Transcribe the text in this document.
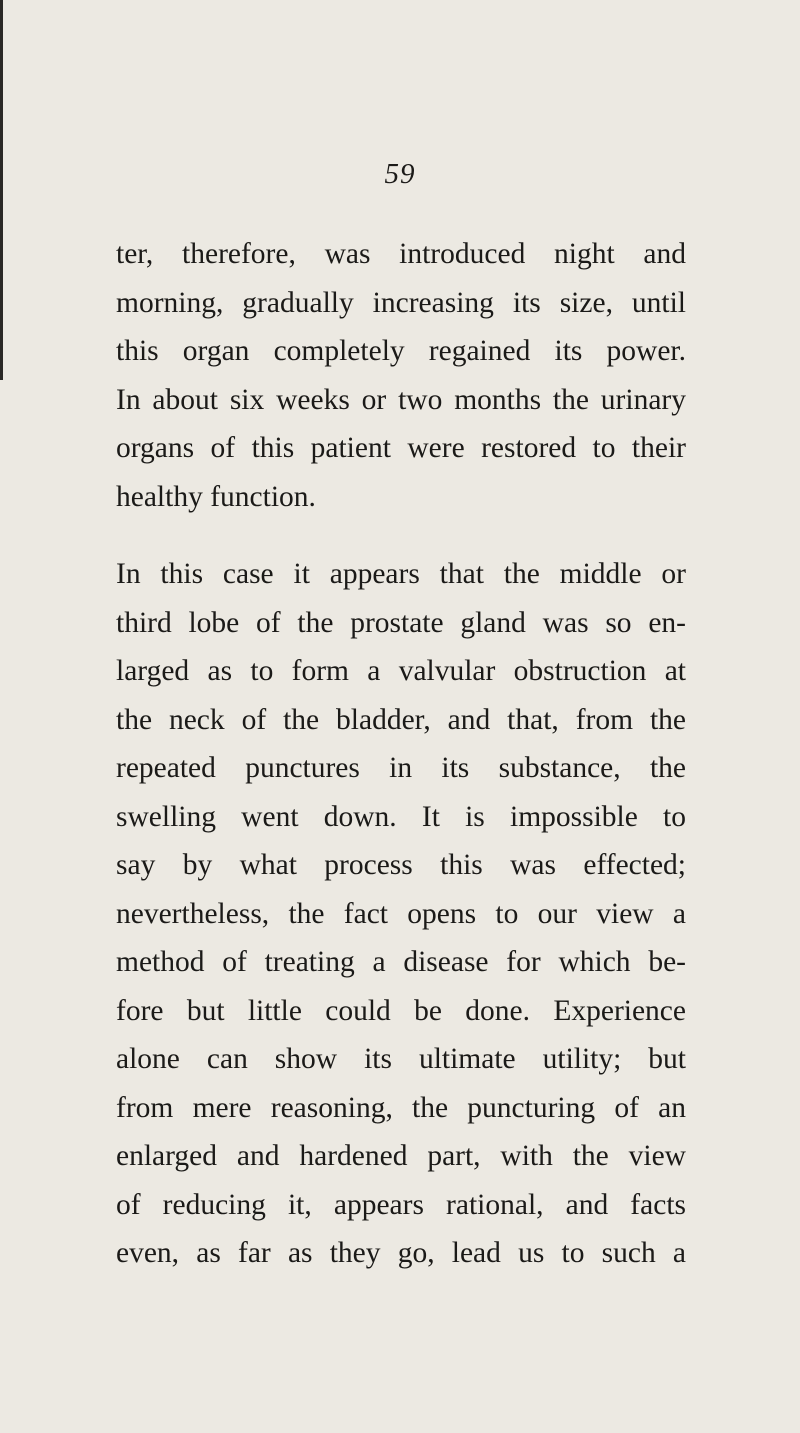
59
ter, therefore, was introduced night and
morning, gradually increasing its size, until
this organ completely regained its power.
In about six weeks or two months the urinary
organs of this patient were restored to their
healthy function.
In this case it appears that the middle or
third lobe of the prostate gland was so en-
larged as to form a valvular obstruction at
the neck of the bladder, and that, from the
repeated punctures in its substance, the
swelling went down. It is impossible to
say by what process this was effected;
nevertheless, the fact opens to our view a
method of treating a disease for which be-
fore but little could be done. Experience
alone can show its ultimate utility; but
from mere reasoning, the puncturing of an
enlarged and hardened part, with the view
of reducing it, appears rational, and facts
even, as far as they go, lead us to such a
